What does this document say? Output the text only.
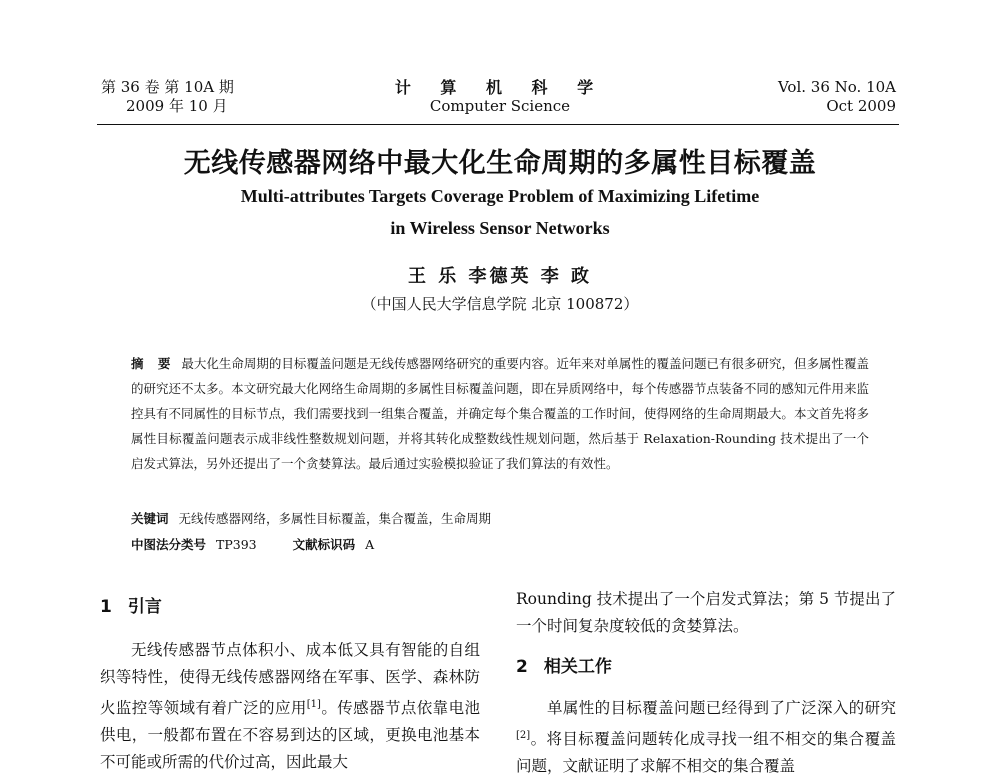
第 36 卷 第 10A 期
2009 年 10 月
计 算 机 科 学
Computer Science
Vol. 36 No. 10A
Oct 2009
无线传感器网络中最大化生命周期的多属性目标覆盖
Multi-attributes Targets Coverage Problem of Maximizing Lifetime
in Wireless Sensor Networks
王 乐 李德英 李 政
（中国人民大学信息学院 北京 100872）
摘 要 最大化生命周期的目标覆盖问题是无线传感器网络研究的重要内容。近年来对单属性的覆盖问题已有很多研究，但多属性覆盖的研究还不太多。本文研究最大化网络生命周期的多属性目标覆盖问题，即在异质网络中，每个传感器节点装备不同的感知元件用来监控具有不同属性的目标节点，我们需要找到一组集合覆盖，并确定每个集合覆盖的工作时间，使得网络的生命周期最大。本文首先将多属性目标覆盖问题表示成非线性整数规划问题，并将其转化成整数线性规划问题，然后基于 Relaxation-Rounding 技术提出了一个启发式算法，另外还提出了一个贪婪算法。最后通过实验模拟验证了我们算法的有效性。
关键词 无线传感器网络，多属性目标覆盖，集合覆盖，生命周期
中图法分类号 TP393	文献标识码 A
1 引言
无线传感器节点体积小、成本低又具有智能的自组织等特性，使得无线传感器网络在军事、医学、森林防火监控等领域有着广泛的应用[1]。传感器节点依靠电池供电，一般都布置在不容易到达的区域，更换电池基本不可能或所需的代价过高，因此最大
Rounding 技术提出了一个启发式算法；第 5 节提出了一个时间复杂度较低的贪婪算法。
2 相关工作
单属性的目标覆盖问题已经得到了广泛深入的研究[2]。将目标覆盖问题转化成寻找一组不相交的集合覆盖问题，文献证明了求解不相交的集合覆盖
